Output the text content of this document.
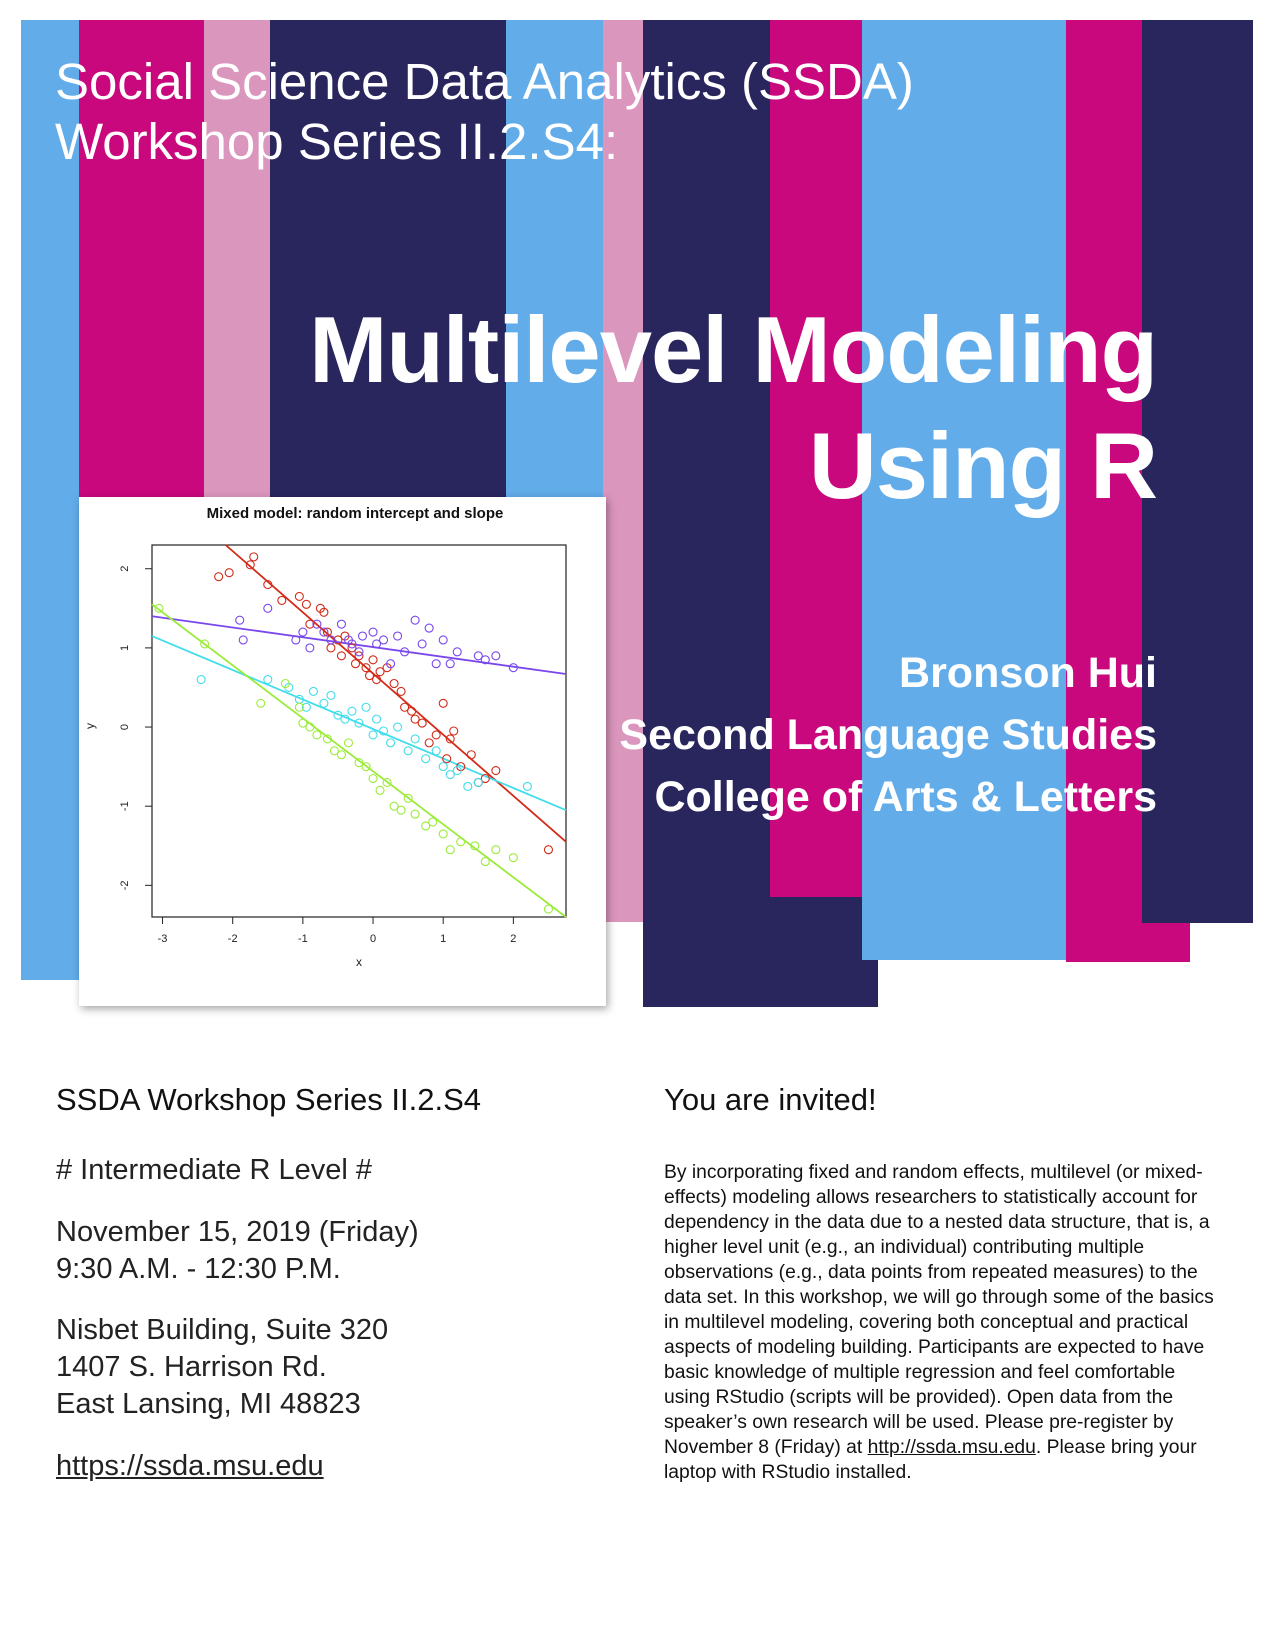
Social Science Data Analytics (SSDA)
Workshop Series II.2.S4:
Multilevel Modeling
Using R
Bronson Hui
Second Language Studies
College of Arts & Letters
Mixed model: random intercept and slope
-3	-2	-1	0	1	2
-2
-1
0
1
2
x
y
SSDA Workshop Series II.2.S4
# Intermediate R Level #
November 15, 2019 (Friday)
9:30 A.M. - 12:30 P.M.
Nisbet Building, Suite 320
1407 S. Harrison Rd.
East Lansing, MI 48823
https://ssda.msu.edu
You are invited!

By incorporating fixed and random effects, multilevel (or mixed-effects) modeling allows researchers to statistically account for dependency in the data due to a nested data structure, that is, a higher level unit (e.g., an individual) contributing multiple observations (e.g., data points from repeated measures) to the data set. In this workshop, we will go through some of the basics in multilevel modeling, covering both conceptual and practical aspects of modeling building. Participants are expected to have basic knowledge of multiple regression and feel comfortable using RStudio (scripts will be provided). Open data from the speaker’s own research will be used. Please pre-register by November 8 (Friday) at http://ssda.msu.edu. Please bring your laptop with RStudio installed.
